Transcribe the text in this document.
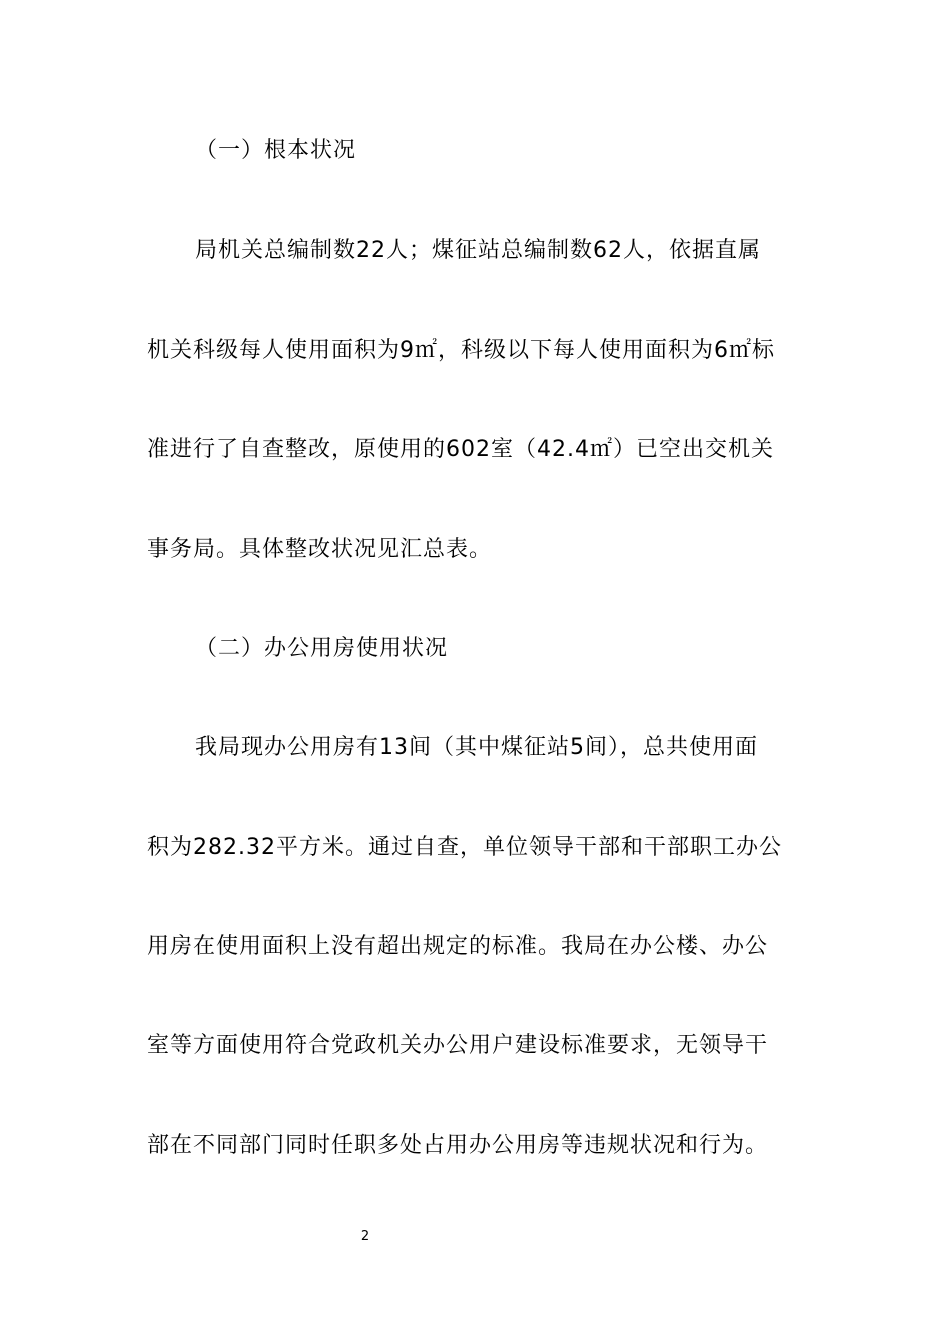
（一）根本状况
局机关总编制数22人；煤征站总编制数62人，依据直属
机关科级每人使用面积为9㎡，科级以下每人使用面积为6㎡标
准进行了自查整改，原使用的602室（42.4㎡）已空出交机关
事务局。具体整改状况见汇总表。
（二）办公用房使用状况
我局现办公用房有13间（其中煤征站5间），总共使用面
积为282.32平方米。通过自查，单位领导干部和干部职工办公
用房在使用面积上没有超出规定的标准。我局在办公楼、办公
室等方面使用符合党政机关办公用户建设标准要求，无领导干
部在不同部门同时任职多处占用办公用房等违规状况和行为。
2
